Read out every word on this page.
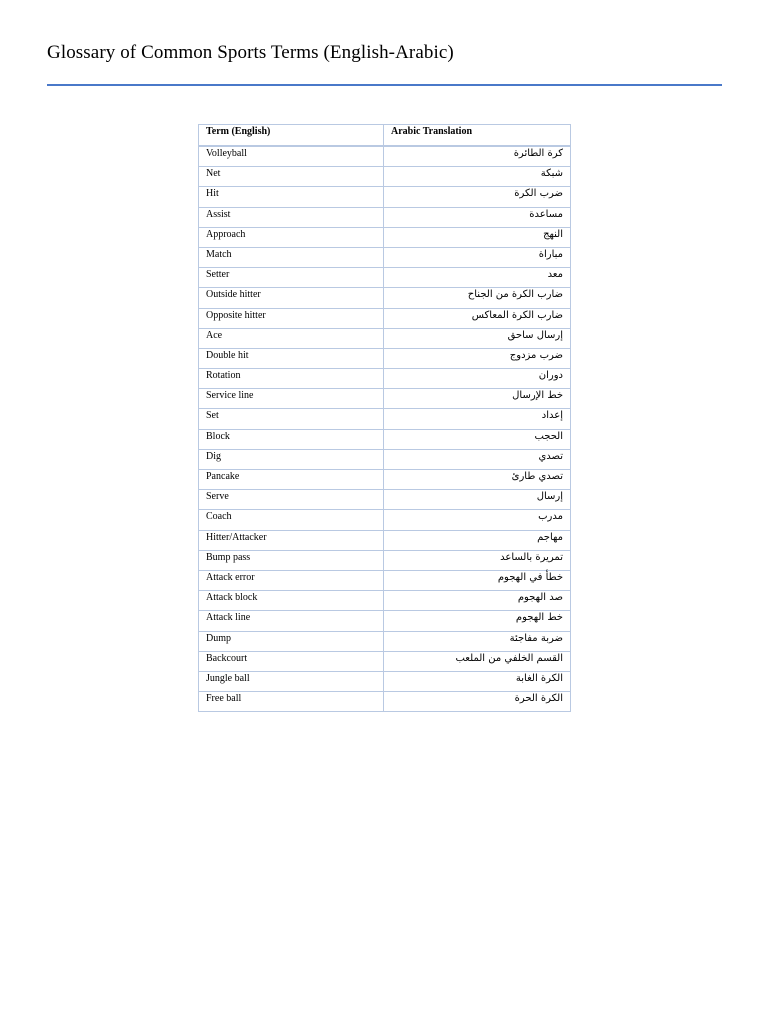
Glossary of Common Sports Terms (English-Arabic)
Term (English)	Arabic Translation
Volleyball	كرة الطائرة
Net	شبكة
Hit	ضرب الكرة
Assist	مساعدة
Approach	النهج
Match	مباراة
Setter	معد
Outside hitter	ضارب الكرة من الجناح
Opposite hitter	ضارب الكرة المعاكس
Ace	إرسال ساحق
Double hit	ضرب مزدوج
Rotation	دوران
Service line	خط الإرسال
Set	إعداد
Block	الحجب
Dig	تصدي
Pancake	تصدي طارئ
Serve	إرسال
Coach	مدرب
Hitter/Attacker	مهاجم
Bump pass	تمريرة بالساعد
Attack error	خطأ في الهجوم
Attack block	صد الهجوم
Attack line	خط الهجوم
Dump	ضربة مفاجئة
Backcourt	القسم الخلفي من الملعب
Jungle ball	الكرة الغابة
Free ball	الكرة الحرة
